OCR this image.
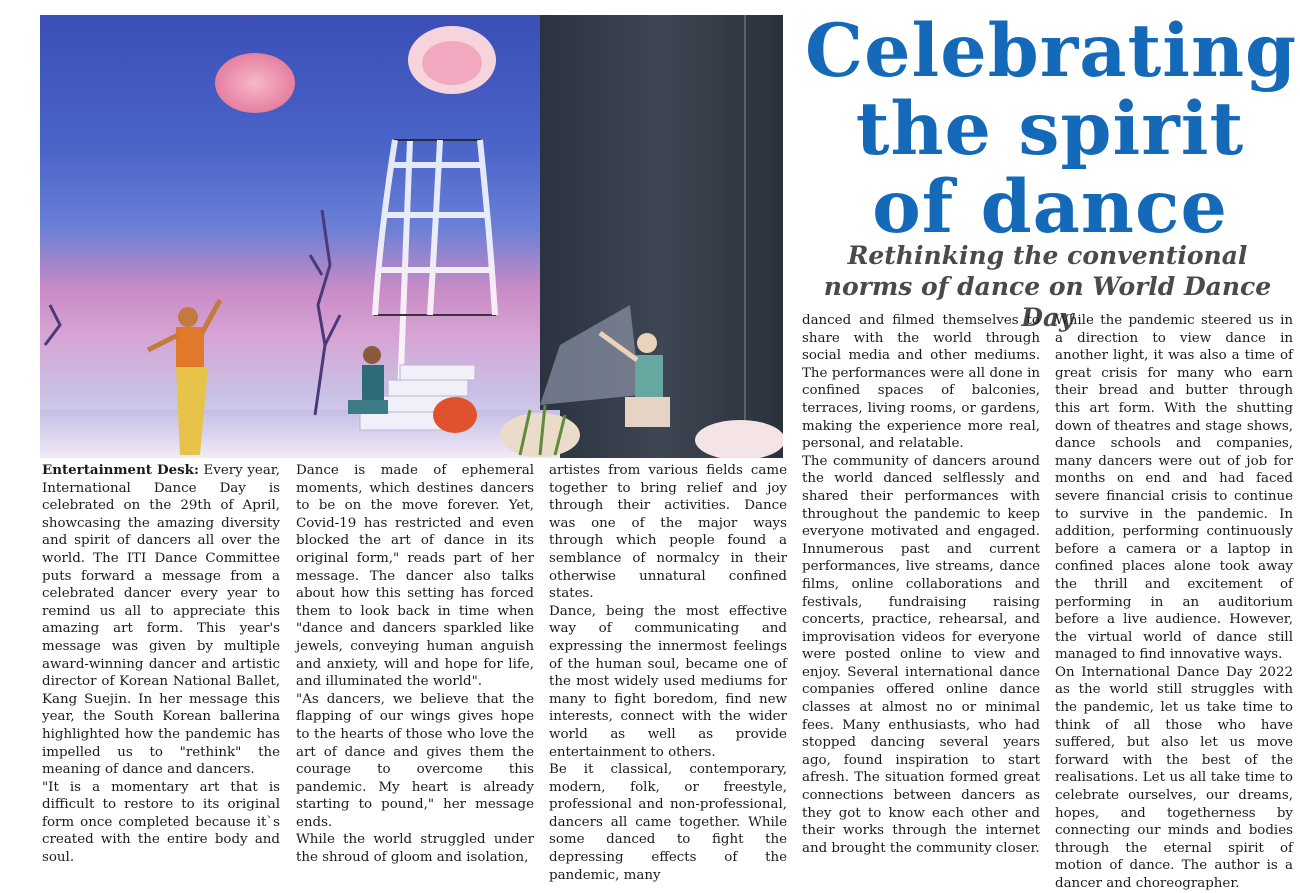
Celebrating the spirit of dance
Rethinking the conventional norms of dance on World Dance Day

Entertainment Desk: Every year, International Dance Day is celebrated on the 29th of April, showcasing the amazing diversity and spirit of dancers all over the world. The ITI Dance Committee puts forward a message from a celebrated dancer every year to remind us all to appreciate this amazing art form. This year's message was given by multiple award-winning dancer and artistic director of Korean National Ballet, Kang Suejin. In her message this year, the South Korean ballerina highlighted how the pandemic has impelled us to "rethink" the meaning of dance and dancers.

"It is a momentary art that is difficult to restore to its original form once completed because it`s created with the entire body and soul.

Dance is made of ephemeral moments, which destines dancers to be on the move forever. Yet, Covid-19 has restricted and even blocked the art of dance in its original form," reads part of her message. The dancer also talks about how this setting has forced them to look back in time when "dance and dancers sparkled like jewels, conveying human anguish and anxiety, will and hope for life, and illuminated the world".

"As dancers, we believe that the flapping of our wings gives hope to the hearts of those who love the art of dance and gives them the courage to overcome this pandemic. My heart is already starting to pound," her message ends.

While the world struggled under the shroud of gloom and isolation,

artistes from various fields came together to bring relief and joy through their activities. Dance was one of the major ways through which people found a semblance of normalcy in their otherwise unnatural confined states.

Dance, being the most effective way of communicating and expressing the innermost feelings of the human soul, became one of the most widely used mediums for many to fight boredom, find new interests, connect with the wider world as well as provide entertainment to others.

Be it classical, contemporary, modern, folk, or freestyle, professional and non-professional, dancers all came together. While some danced to fight the depressing effects of the pandemic, many

danced and filmed themselves to share with the world through social media and other mediums. The performances were all done in confined spaces of balconies, terraces, living rooms, or gardens, making the experience more real, personal, and relatable.

The community of dancers around the world danced selflessly and shared their performances with throughout the pandemic to keep everyone motivated and engaged. Innumerous past and current performances, live streams, dance films, online collaborations and festivals, fundraising raising concerts, practice, rehearsal, and improvisation videos for everyone were posted online to view and enjoy. Several international dance companies offered online dance classes at almost no or minimal fees. Many enthusiasts, who had stopped dancing several years ago, found inspiration to start afresh. The situation formed great connections between dancers as they got to know each other and their works through the internet and brought the community closer.

While the pandemic steered us in a direction to view dance in another light, it was also a time of great crisis for many who earn their bread and butter through this art form. With the shutting down of theatres and stage shows, dance schools and companies, many dancers were out of job for months on end and had faced severe financial crisis to continue to survive in the pandemic. In addition, performing continuously before a camera or a laptop in confined places alone took away the thrill and excitement of performing in an auditorium before a live audience. However, the virtual world of dance still managed to find innovative ways.

On International Dance Day 2022 as the world still struggles with the pandemic, let us take time to think of all those who have suffered, but also let us move forward with the best of the realisations. Let us all take time to celebrate ourselves, our dreams, hopes, and togetherness by connecting our minds and bodies through the eternal spirit of motion of dance. The author is a dancer and choreographer.
